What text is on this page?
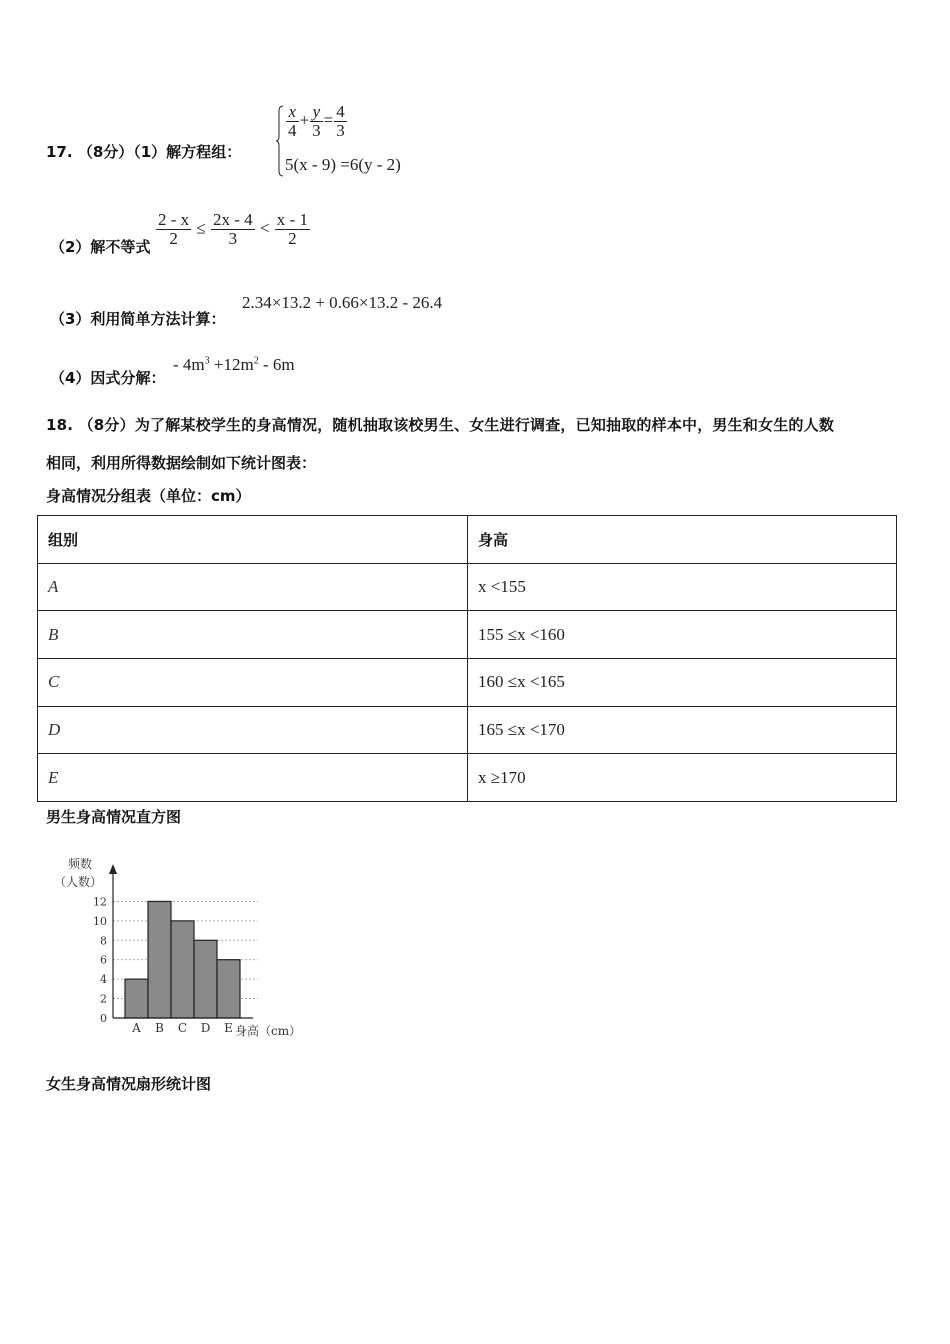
17. （8分）（1）解方程组：
$\frac{x}{4} + \frac{y}{3} = \frac{4}{3}$
5(x - 9) =6(y - 2)
（2）解不等式 $\frac{2 - x}{2} \le \frac{2x - 4}{3} < \frac{x - 1}{2}$
（3）利用简单方法计算：
2.34×13.2 + 0.66×13.2 - 26.4
（4）因式分解：
- $4m^3 +12m^2 - 6m$
18. （8分）为了解某校学生的身高情况，随机抽取该校男生、女生进行调查，已知抽取的样本中，男生和女生的人数
相同，利用所得数据绘制如下统计图表：
身高情况分组表（单位：cm）
组别	身高
A	x <155
B	155 ≤x <160
C	160 ≤x <165
D	165 ≤x <170
E	x ≥170
男生身高情况直方图
0
2
4
6
8
10
12
A B C D E
频数
（人数）
身高（cm）
女生身高情况扇形统计图
